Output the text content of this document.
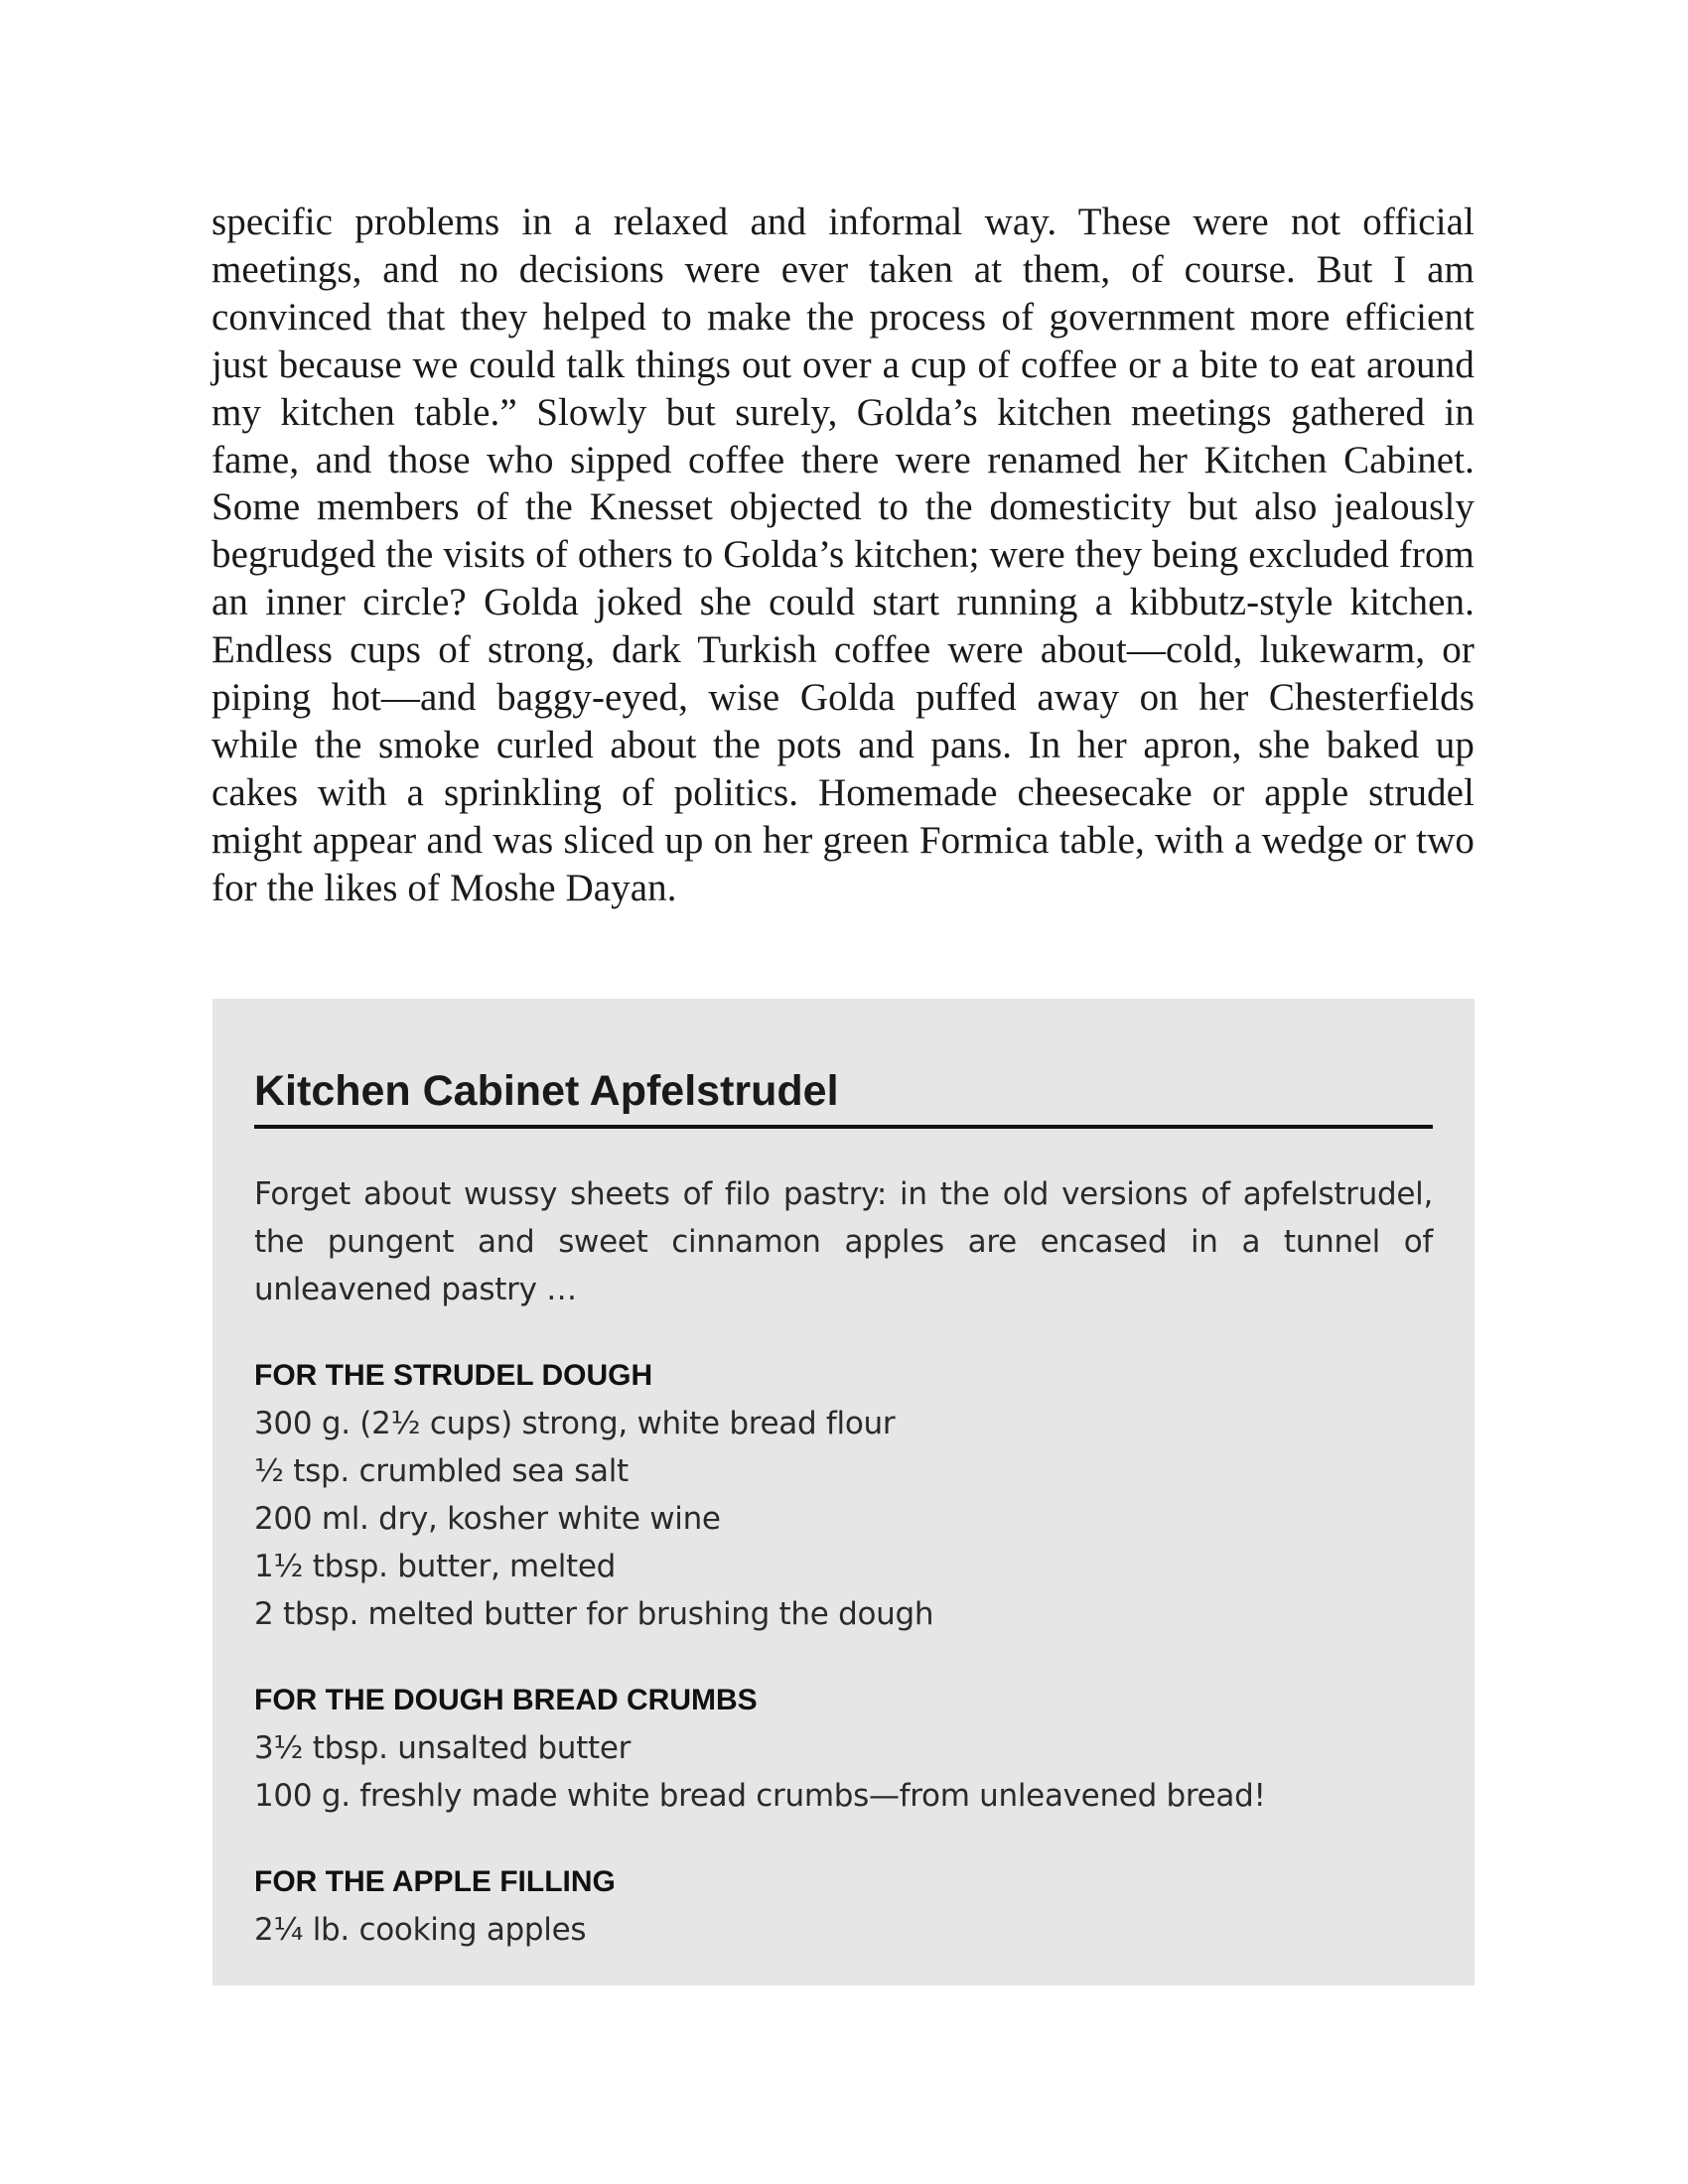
specific problems in a relaxed and informal way. These were not official meetings, and no decisions were ever taken at them, of course. But I am convinced that they helped to make the process of government more efficient just because we could talk things out over a cup of coffee or a bite to eat around my kitchen table.” Slowly but surely, Golda’s kitchen meetings gathered in fame, and those who sipped coffee there were renamed her Kitchen Cabinet. Some members of the Knesset objected to the domesticity but also jealously begrudged the visits of others to Golda’s kitchen; were they being excluded from an inner circle? Golda joked she could start running a kibbutz-style kitchen. Endless cups of strong, dark Turkish coffee were about—cold, lukewarm, or piping hot—and baggy-eyed, wise Golda puffed away on her Chesterfields while the smoke curled about the pots and pans. In her apron, she baked up cakes with a sprinkling of politics. Homemade cheesecake or apple strudel might appear and was sliced up on her green Formica table, with a wedge or two for the likes of Moshe Dayan.

Kitchen Cabinet Apfelstrudel

Forget about wussy sheets of filo pastry: in the old versions of apfelstrudel, the pungent and sweet cinnamon apples are encased in a tunnel of unleavened pastry …

FOR THE STRUDEL DOUGH
300 g. (2½ cups) strong, white bread flour
½ tsp. crumbled sea salt
200 ml. dry, kosher white wine
1½ tbsp. butter, melted
2 tbsp. melted butter for brushing the dough
FOR THE DOUGH BREAD CRUMBS
3½ tbsp. unsalted butter
100 g. freshly made white bread crumbs—from unleavened bread!
FOR THE APPLE FILLING
2¼ lb. cooking apples
